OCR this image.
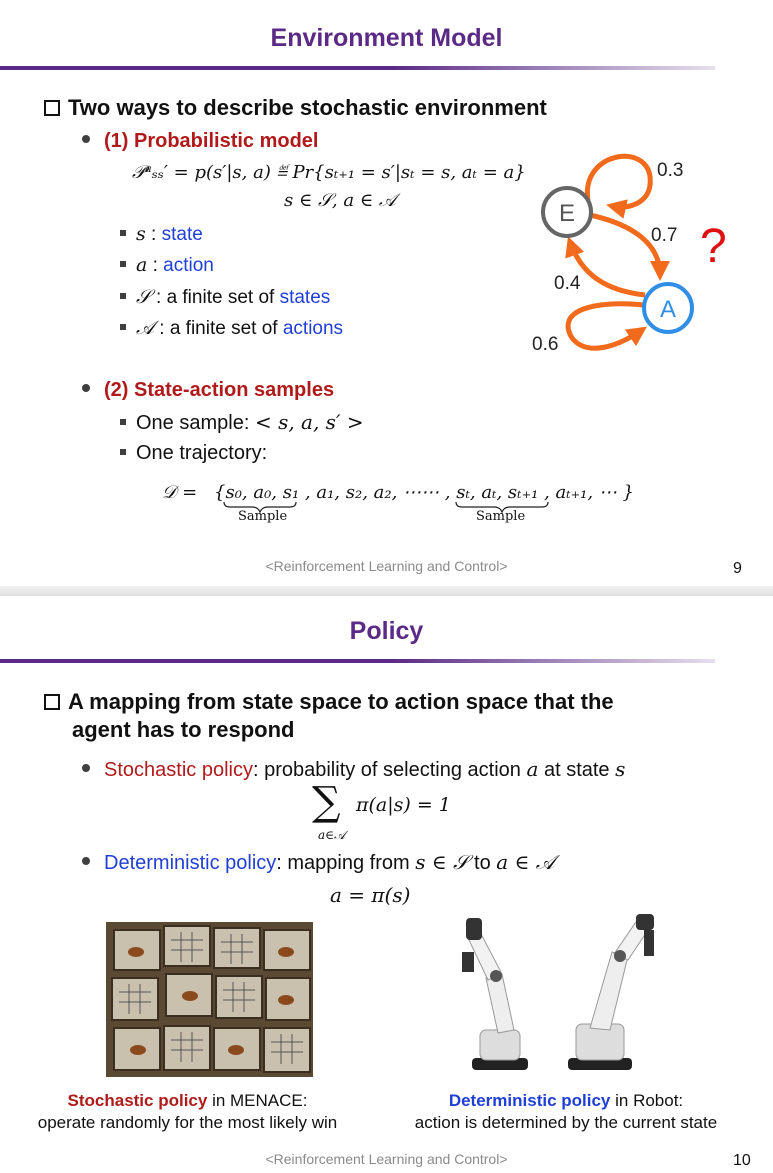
Environment Model
Two ways to describe stochastic environment
(1) Probabilistic model
𝒫ᵃₛₛ′ = p(s′|s, a) ≝ Pr{sₜ₊₁ = s′|sₜ = s, aₜ = a}
s ∈ 𝒮, a ∈ 𝒜
s : state
a : action
𝒮 : a finite set of states
𝒜 : a finite set of actions
E
A
0.3
0.7
0.4
0.6
?
(2) State-action samples
One sample: < s, a, s′ >
One trajectory:
𝒟 = {s₀, a₀, s₁ , a₁, s₂, a₂, ⋯⋯ , sₜ, aₜ, sₜ₊₁ , aₜ₊₁, ⋯ }
Sample	Sample
<Reinforcement Learning and Control>	9
Policy
A mapping from state space to action space that the
agent has to respond
Stochastic policy: probability of selecting action a at state s
∑ π(a|s) = 1
a∈𝒜
Deterministic policy: mapping from s ∈ 𝒮 to a ∈ 𝒜
a = π(s)
Stochastic policy in MENACE:
operate randomly for the most likely win
Deterministic policy in Robot:
action is determined by the current state
<Reinforcement Learning and Control>	10
